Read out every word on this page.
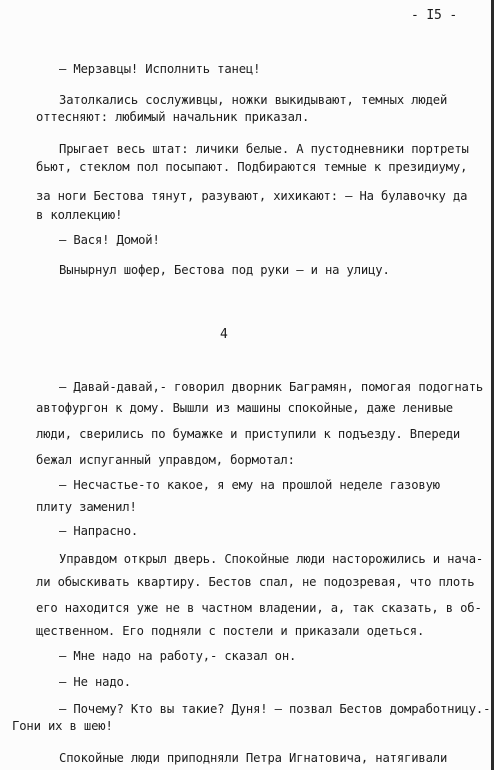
- I5 -
– Мерзавцы! Исполнить танец!
Затолкались сослуживцы, ножки выкидывают, темных людей
оттесняют: любимый начальник приказал.
Прыгает весь штат: личики белые. А пустодневники портреты
бьют, стеклом пол посыпают. Подбираются темные к президиуму,
за ноги Бестова тянут, разувают, хихикают: – На булавочку да
в коллекцию!
– Вася! Домой!
Вынырнул шофер, Бестова под руки – и на улицу.
4
– Давай-давай,- говорил дворник Баграмян, помогая подогнать
автофургон к дому. Вышли из машины спокойные, даже ленивые
люди, сверились по бумажке и приступили к подъезду. Впереди
бежал испуганный управдом, бормотал:
– Несчастье-то какое, я ему на прошлой неделе газовую
плиту заменил!
– Напрасно.
Управдом открыл дверь. Спокойные люди насторожились и нача-
ли обыскивать квартиру. Бестов спал, не подозревая, что плоть
его находится уже не в частном владении, а, так сказать, в об-
щественном. Его подняли с постели и приказали одеться.
– Мне надо на работу,- сказал он.
– Не надо.
– Почему? Кто вы такие? Дуня! – позвал Бестов домработницу.-
Гони их в шею!
Спокойные люди приподняли Петра Игнатовича, натягивали
